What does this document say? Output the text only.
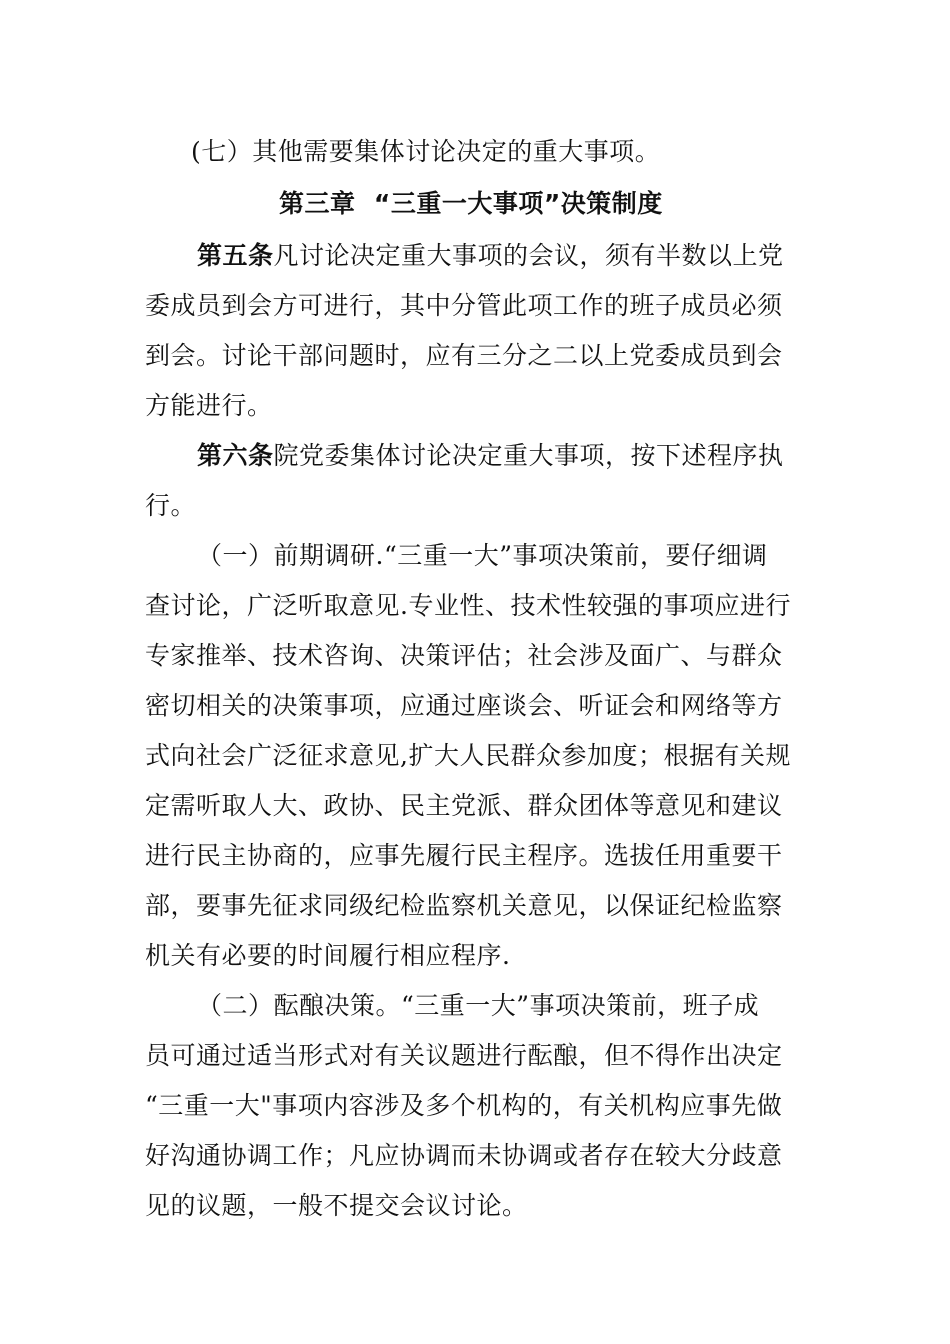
(七）其他需要集体讨论决定的重大事项。

第三章  “三重一大事项”决策制度

第五条凡讨论决定重大事项的会议，须有半数以上党

委成员到会方可进行，其中分管此项工作的班子成员必须

到会。讨论干部问题时，应有三分之二以上党委成员到会

方能进行。

第六条院党委集体讨论决定重大事项，按下述程序执

行。

（一）前期调研.“三重一大”事项决策前，要仔细调

查讨论，广泛听取意见.专业性、技术性较强的事项应进行

专家推举、技术咨询、决策评估；社会涉及面广、与群众

密切相关的决策事项，应通过座谈会、听证会和网络等方

式向社会广泛征求意见,扩大人民群众参加度；根据有关规

定需听取人大、政协、民主党派、群众团体等意见和建议

进行民主协商的，应事先履行民主程序。选拔任用重要干

部，要事先征求同级纪检监察机关意见，以保证纪检监察

机关有必要的时间履行相应程序.

（二）酝酿决策。“三重一大”事项决策前，班子成

员可通过适当形式对有关议题进行酝酿，但不得作出决定

“三重一大"事项内容涉及多个机构的，有关机构应事先做

好沟通协调工作；凡应协调而未协调或者存在较大分歧意

见的议题，一般不提交会议讨论。
